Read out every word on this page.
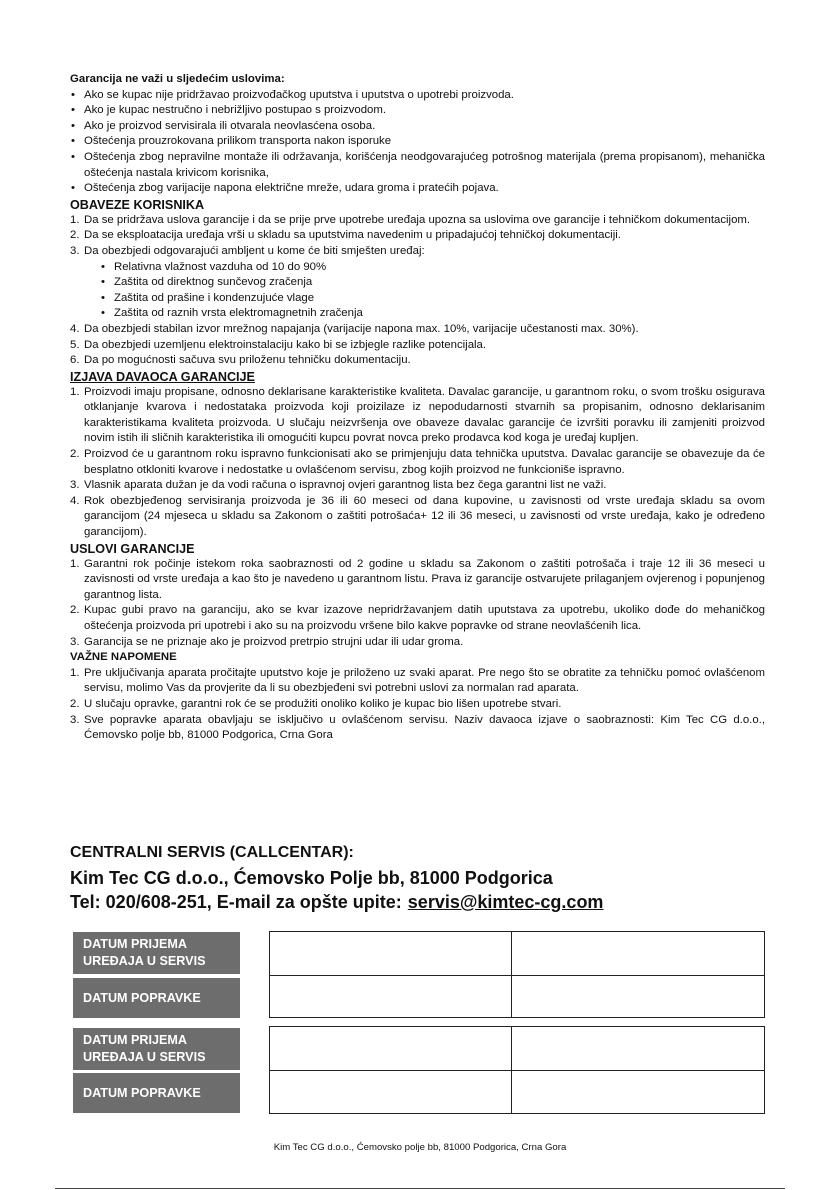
Garancija ne važi u sljedećim uslovima:
• Ako se kupac nije pridržavao proizvođačkog uputstva i uputstva o upotrebi proizvoda.
• Ako je kupac nestručno i nebrižljivo postupao s proizvodom.
• Ako je proizvod servisirala ili otvarala neovlasćena osoba.
• Oštećenja prouzrokovana prilikom transporta nakon isporuke
• Oštećenja zbog nepravilne montaže ili održavanja, korišćenja neodgovarajućeg potrošnog materijala (prema propisanom), mehanička oštećenja nastala krivicom korisnika,
• Oštećenja zbog varijacije napona električne mreže, udara groma i pratećih pojava.
OBAVEZE KORISNIKA
1. Da se pridržava uslova garancije i da se prije prve upotrebe uređaja upozna sa uslovima ove garancije i tehničkom dokumentacijom.
2. Da se eksploatacija uređaja vrši u skladu sa uputstvima navedenim u pripadajućoj tehničkoj dokumentaciji.
3. Da obezbjedi odgovarajući ambljent u kome će biti smješten uređaj:
• Relativna vlažnost vazduha od 10 do 90%
• Zaštita od direktnog sunčevog zračenja
• Zaštita od prašine i kondenzujuće vlage
• Zaštita od raznih vrsta elektromagnetnih zračenja
4. Da obezbjedi stabilan izvor mrežnog napajanja (varijacije napona max. 10%, varijacije učestanosti max. 30%).
5. Da obezbjedi uzemljenu elektroinstalaciju kako bi se izbjegle razlike potencijala.
6. Da po mogućnosti sačuva svu priloženu tehničku dokumentaciju.
IZJAVA DAVAOCA GARANCIJE
1. Proizvodi imaju propisane, odnosno deklarisane karakteristike kvaliteta. Davalac garancije, u garantnom roku, o svom trošku osigurava otklanjanje kvarova i nedostataka proizvoda koji proizilaze iz nepodudarnosti stvarnih sa propisanim, odnosno deklarisanim karakteristikama kvaliteta proizvoda. U slučaju neizvršenja ove obaveze davalac garancije će izvršiti poravku ili zamjeniti proizvod novim istih ili sličnih karakteristika ili omogućiti kupcu povrat novca preko prodavca kod koga je uređaj kupljen.
2. Proizvod će u garantnom roku ispravno funkcionisati ako se primjenjuju data tehnička uputstva. Davalac garancije se obavezuje da će besplatno otkloniti kvarove i nedostatke u ovlašćenom servisu, zbog kojih proizvod ne funkcioniše ispravno.
3. Vlasnik aparata dužan je da vodi računa o ispravnoj ovjeri garantnog lista bez čega garantni list ne važi.
4. Rok obezbjeđenog servisiranja proizvoda je 36 ili 60 meseci od dana kupovine, u zavisnosti od vrste uređaja skladu sa ovom garancijom (24 mjeseca u skladu sa Zakonom o zaštiti potrošaća+ 12 ili 36 meseci, u zavisnosti od vrste uređaja, kako je određeno garancijom).
USLOVI GARANCIJE
1. Garantni rok počinje istekom roka saobraznosti od 2 godine u skladu sa Zakonom o zaštiti potrošača i traje 12 ili 36 meseci u zavisnosti od vrste uređaja a kao što je navedeno u garantnom listu. Prava iz garancije ostvarujete prilaganjem ovjerenog i popunjenog garantnog lista.
2. Kupac gubi pravo na garanciju, ako se kvar izazove nepridržavanjem datih uputstava za upotrebu, ukoliko dođe do mehaničkog oštećenja proizvoda pri upotrebi i ako su na proizvodu vršene bilo kakve popravke od strane neovlašćenih lica.
3. Garancija se ne priznaje ako je proizvod pretrpio strujni udar ili udar groma.
VAŽNE NAPOMENE
1. Pre uključivanja aparata pročitajte uputstvo koje je priloženo uz svaki aparat. Pre nego što se obratite za tehničku pomoć ovlašćenom servisu, molimo Vas da provjerite da li su obezbjeđeni svi potrebni uslovi za normalan rad aparata.
2. U slučaju opravke, garantni rok će se produžiti onoliko koliko je kupac bio lišen upotrebe stvari.
3. Sve popravke aparata obavljaju se isključivo u ovlašćenom servisu. Naziv davaoca izjave o saobraznosti: Kim Tec CG d.o.o., Ćemovsko polje bb, 81000 Podgorica, Crna Gora
CENTRALNI SERVIS (CALLCENTAR):
Kim Tec CG d.o.o., Ćemovsko Polje bb, 81000 Podgorica
Tel: 020/608-251, E-mail za opšte upite: servis@kimtec-cg.com
DATUM PRIJEMA UREĐAJA U SERVIS
DATUM POPRAVKE
DATUM PRIJEMA UREĐAJA U SERVIS
DATUM POPRAVKE
Kim Tec CG d.o.o., Ćemovsko polje bb, 81000 Podgorica, Crna Gora
